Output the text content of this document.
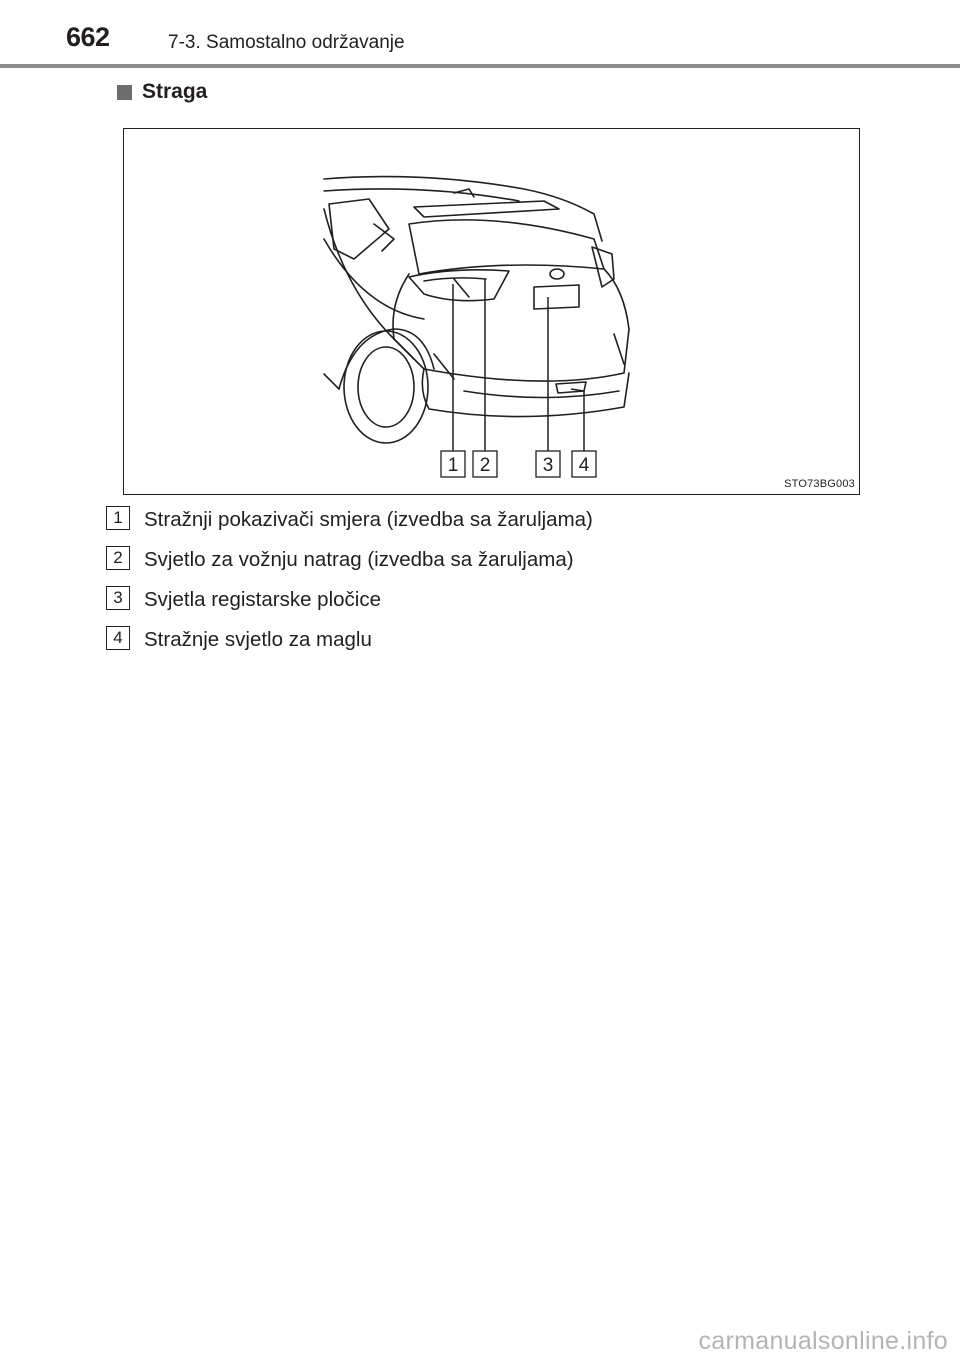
662	7-3. Samostalno održavanje
Straga
1 2	3 4
STO73BG003
1	Stražnji pokazivači smjera (izvedba sa žaruljama)
2	Svjetlo za vožnju natrag (izvedba sa žaruljama)
3	Svjetla registarske pločice
4	Stražnje svjetlo za maglu
carmanualsonline.info
